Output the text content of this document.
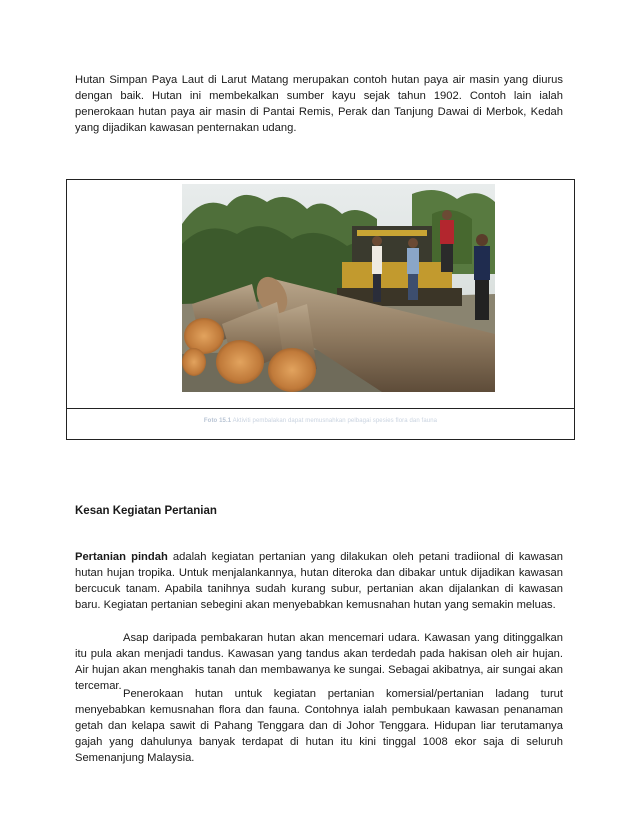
Hutan Simpan Paya Laut di Larut Matang merupakan contoh hutan paya air masin yang diurus dengan baik. Hutan ini membekalkan sumber kayu sejak tahun 1902. Contoh lain ialah penerokaan hutan paya air masin di Pantai Remis, Perak dan Tanjung Dawai di Merbok, Kedah yang dijadikan kawasan penternakan udang.

Foto 15.1 Aktiviti pembalakan dapat memusnahkan pelbagai spesies flora dan fauna
Kesan Kegiatan Pertanian

Pertanian pindah adalah kegiatan pertanian yang dilakukan oleh petani tradiional di kawasan hutan hujan tropika. Untuk menjalankannya, hutan diteroka dan dibakar untuk dijadikan kawasan bercucuk tanam. Apabila tanihnya sudah kurang subur, pertanian akan dijalankan di kawasan baru. Kegiatan pertanian sebegini akan menyebabkan kemusnahan hutan yang semakin meluas.

Asap daripada pembakaran hutan akan mencemari udara. Kawasan yang ditinggalkan itu pula akan menjadi tandus. Kawasan yang tandus akan terdedah pada hakisan oleh air hujan. Air hujan akan menghakis tanah dan membawanya ke sungai. Sebagai akibatnya, air sungai akan tercemar.

Penerokaan hutan untuk kegiatan pertanian komersial/pertanian ladang turut menyebabkan kemusnahan flora dan fauna. Contohnya ialah pembukaan kawasan penanaman getah dan kelapa sawit di Pahang Tenggara dan di Johor Tenggara. Hidupan liar terutamanya gajah yang dahulunya banyak terdapat di hutan itu kini tinggal 1008 ekor saja di seluruh Semenanjung Malaysia.
